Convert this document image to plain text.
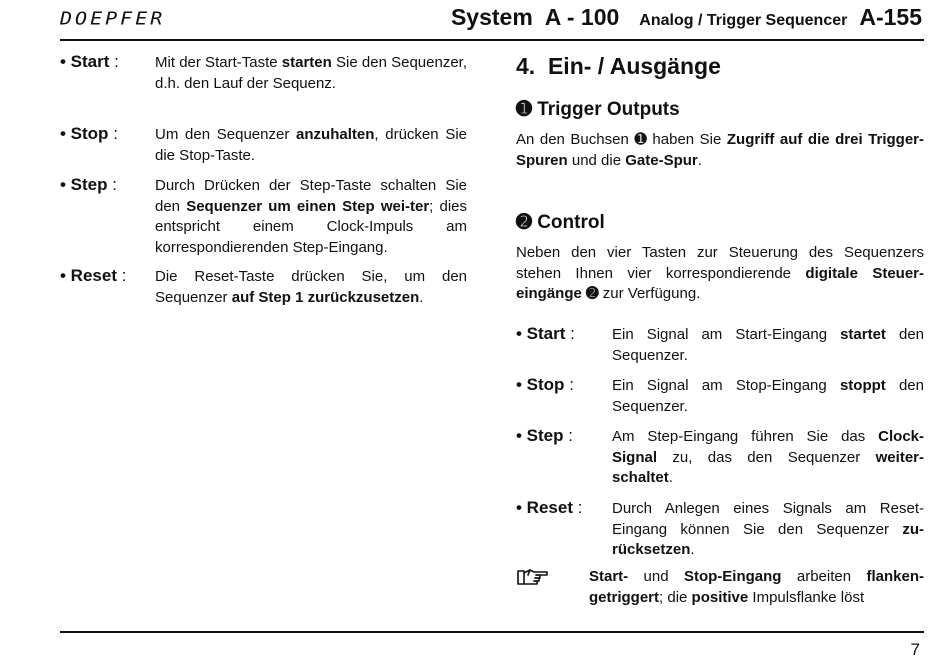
DOEPFER	System  A - 100 Analog / Trigger Sequencer A-155
• Start : Mit der Start-Taste starten Sie den Sequenzer, d.h. den Lauf der Sequenz.
• Stop : Um den Sequenzer anzuhalten, drücken Sie die Stop-Taste.
• Step :	Durch Drücken der Step-Taste schalten Sie den Sequenzer um einen Step wei-ter; dies entspricht einem Clock-Impuls am korrespondierenden Step-Eingang.
• Reset : Die Reset-Taste drücken Sie, um den Sequenzer auf Step 1 zurückzusetzen.
4.  Ein- / Ausgänge
➊ Trigger Outputs
An den Buchsen ➊ haben Sie Zugriff auf die drei Trigger-Spuren und die Gate-Spur.
➋ Control
Neben den vier Tasten zur Steuerung des Sequenzers stehen Ihnen vier korrespondierende digitale Steuer-eingänge ➋ zur Verfügung.
• Start : Ein Signal am Start-Eingang startet den Sequenzer.
• Stop :	Ein Signal am Stop-Eingang stoppt den Sequenzer.
• Step :	Am Step-Eingang führen Sie das Clock-Signal zu, das den Sequenzer weiter-schaltet.
• Reset : Durch Anlegen eines Signals am Reset-Eingang können Sie den Sequenzer zu-rücksetzen.
Start- und Stop-Eingang arbeiten flanken-getriggert; die positive Impulsflanke löst
7
